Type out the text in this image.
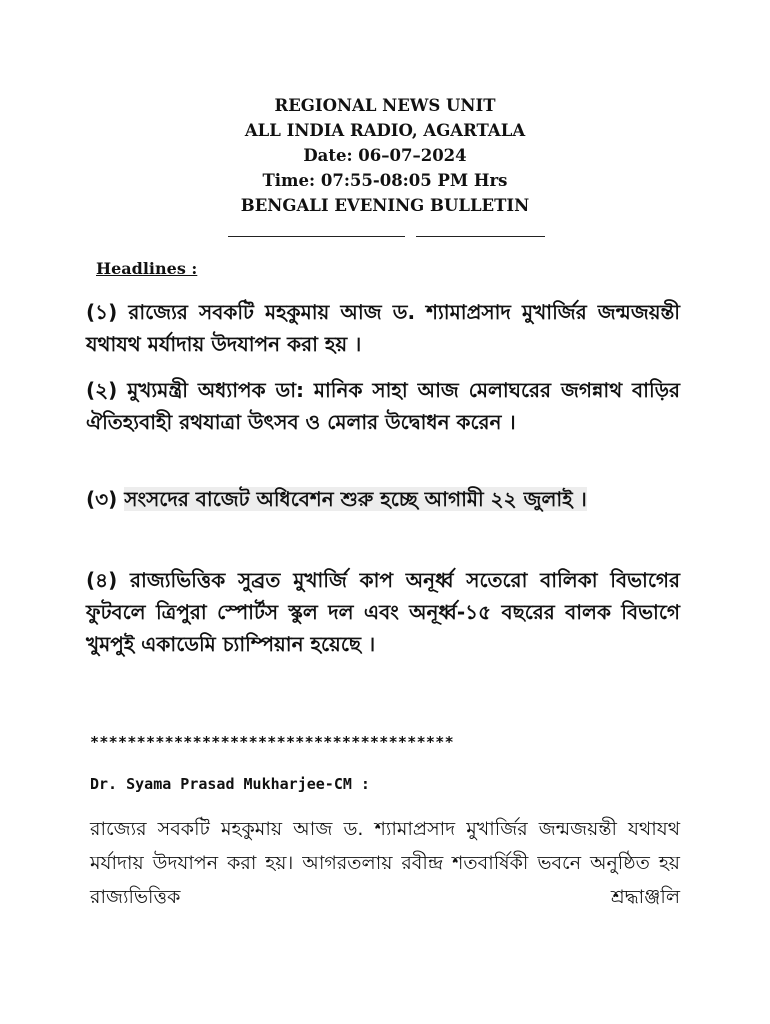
REGIONAL NEWS UNIT
ALL INDIA RADIO, AGARTALA
Date: 06–07–2024
Time: 07:55-08:05 PM Hrs
BENGALI EVENING BULLETIN
Headlines :
(১) রাজ্যের সবকটি মহকুমায় আজ ড. শ্যামাপ্রসাদ মুখার্জির জন্মজয়ন্তী যথাযথ মর্যাদায় উদযাপন করা হয় ।
(২) মুখ্যমন্ত্রী অধ্যাপক ডা: মানিক সাহা আজ মেলাঘরের জগন্নাথ বাড়ির ঐতিহ্যবাহী রথযাত্রা উৎসব ও মেলার উদ্বোধন করেন ।
(৩) সংসদের বাজেট অধিবেশন শুরু হচ্ছে আগামী ২২ জুলাই ।
(৪) রাজ্যভিত্তিক সুব্রত মুখার্জি কাপ অনূর্ধ্ব সতেরো বালিকা বিভাগের ফুটবলে ত্রিপুরা স্পোর্টস স্কুল দল এবং অনূর্ধ্ব-১৫ বছরের বালক বিভাগে খুমপুই একাডেমি চ্যাম্পিয়ান হয়েছে ।
***************************************
Dr. Syama Prasad Mukharjee-CM :
রাজ্যের সবকটি মহকুমায় আজ ড. শ্যামাপ্রসাদ মুখার্জির জন্মজয়ন্তী যথাযথ মর্যাদায় উদযাপন করা হয়। আগরতলায় রবীন্দ্র শতবার্ষিকী ভবনে অনুষ্ঠিত হয় রাজ্যভিত্তিক শ্রদ্ধাঞ্জলি
